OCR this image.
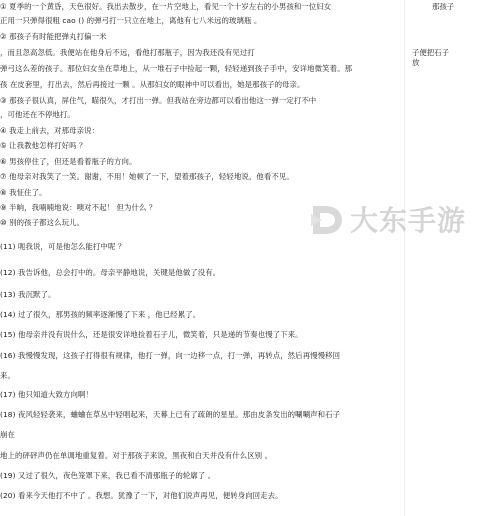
① 夏季的一个黄昏，天色很好。我出去散步，在一片空地上，看见一个十岁左右的小男孩和一位妇女
正用一只弹得很粗 cao () 的弹弓打一只立在地上，离他有七八米远的玻璃瓶 。
② 那孩子有时能把弹丸打偏一米
，而且忽高忽低。我便站在他身后不远，看他打那瓶子，因为我还没有见过打
弹弓这么差的孩子。那位妇女坐在草地上，从一堆石子中捡起一颗，轻轻递到孩子手中，安详地微笑着。那
孩 在皮套里，打出去，然后再接过一颗 。从那妇女的眼神中可以看出，她是那孩子的母亲。
③ 那孩子很认真，屏住气，瞄很久，才打出一弹。但我站在旁边都可以看出他这一弹一定打不中
，可他还在不停地打。
④ 我走上前去，对那母亲说：
⑤ 让我教他怎样打好吗 ？
⑥ 男孩停住了，但还是看着瓶子的方向。
⑦ 他母亲对我笑了一笑。谢谢，不用！她顿了一下，望着那孩子，轻轻地说，他看不见。
⑧ 我怔住了。
⑨ 半晌，我喃喃地说：噢对不起！ 但为什么 ？
⑩ 别的孩子都这么玩儿。
(11) 呃我说，可是他怎么能打中呢 ？
(12) 我告诉他，总会打中的。母亲平静地说，关键是他做了没有。
(13) 我沉默了。
(14) 过了很久，那男孩的频率逐渐慢了下来 ，他已经累了。
(15) 他母亲并没有说什么，还是很安详地捡着石子儿，微笑着，只是递的节奏也慢了下来。
(16) 我慢慢发现，这孩子打得很有规律，他打一弹，向一边移一点，打一弹，再转点，然后再慢慢移回
来。
(17) 他只知道大致方向啊！
(18) 夜风轻轻袭来，蛐蛐在草丛中轻唱起来，天幕上已有了疏朗的星星。那由皮条发出的唰唰声和石子
崩在
地上的砰砰声仍在单调地重复着。对于那孩子来说，黑夜和白天并没有什么区别 。
(19) 又过了很久，夜色笼罩下来，我已看不清那瓶子的轮廓了 。
(20) 看来今天他打不中了 。我想。犹豫了一下，对他们说声再见，便转身向回走去。
那孩子
子便把石子
放
大东手游
